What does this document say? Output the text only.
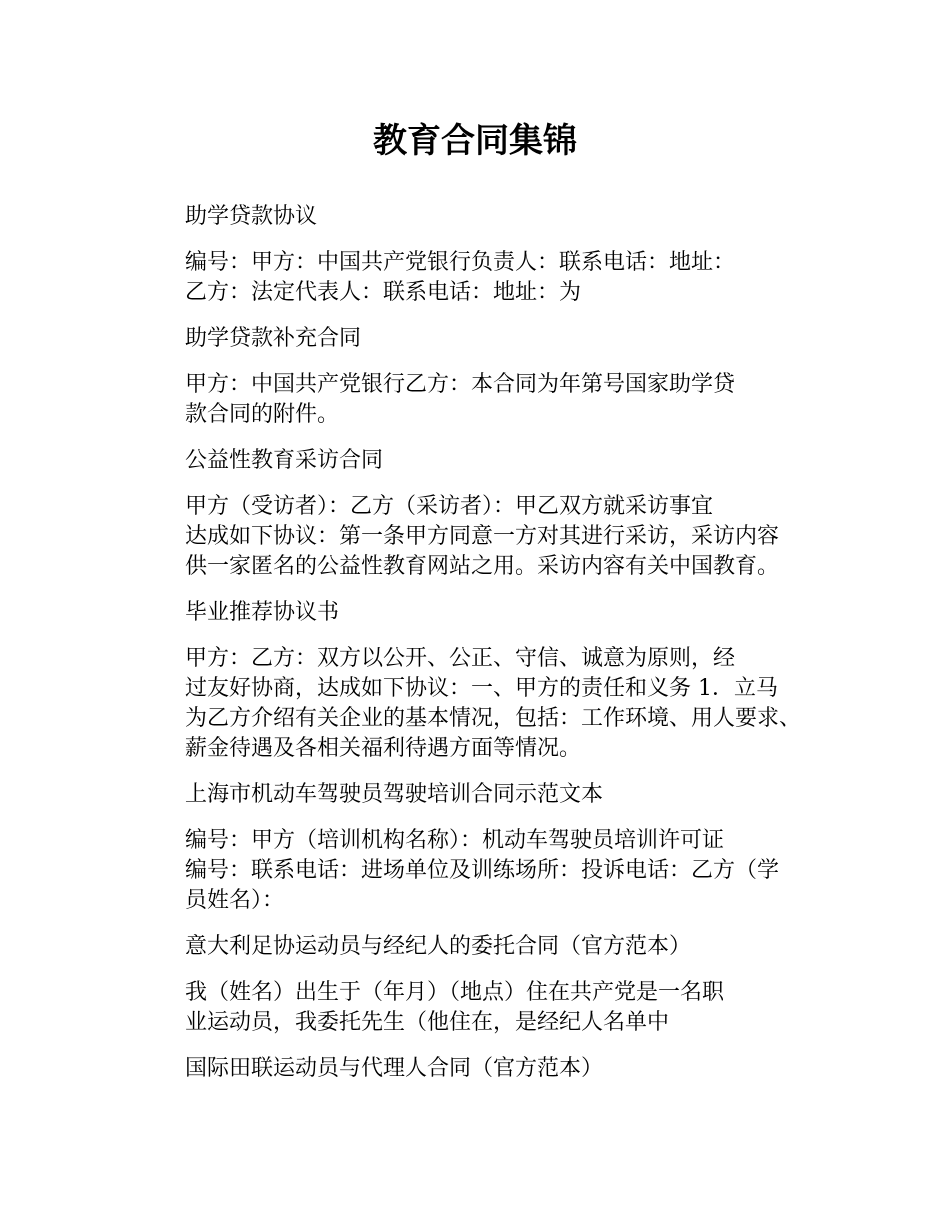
教育合同集锦

助学贷款协议

编号：甲方：中国共产党银行负责人：联系电话：地址：
乙方：法定代表人：联系电话：地址：为

助学贷款补充合同

甲方：中国共产党银行乙方：本合同为年第号国家助学贷
款合同的附件。

公益性教育采访合同

甲方（受访者）：乙方（采访者）：甲乙双方就采访事宜
达成如下协议：第一条甲方同意一方对其进行采访，采访内容
供一家匿名的公益性教育网站之用。采访内容有关中国教育。

毕业推荐协议书

甲方：乙方：双方以公开、公正、守信、诚意为原则，经
过友好协商，达成如下协议：一、甲方的责任和义务 1．立马
为乙方介绍有关企业的基本情况，包括：工作环境、用人要求、
薪金待遇及各相关福利待遇方面等情况。

上海市机动车驾驶员驾驶培训合同示范文本

编号：甲方（培训机构名称）：机动车驾驶员培训许可证
编号：联系电话：进场单位及训练场所：投诉电话：乙方（学
员姓名）：

意大利足协运动员与经纪人的委托合同（官方范本）

我（姓名）出生于（年月）（地点）住在共产党是一名职
业运动员，我委托先生（他住在，是经纪人名单中

国际田联运动员与代理人合同（官方范本）
